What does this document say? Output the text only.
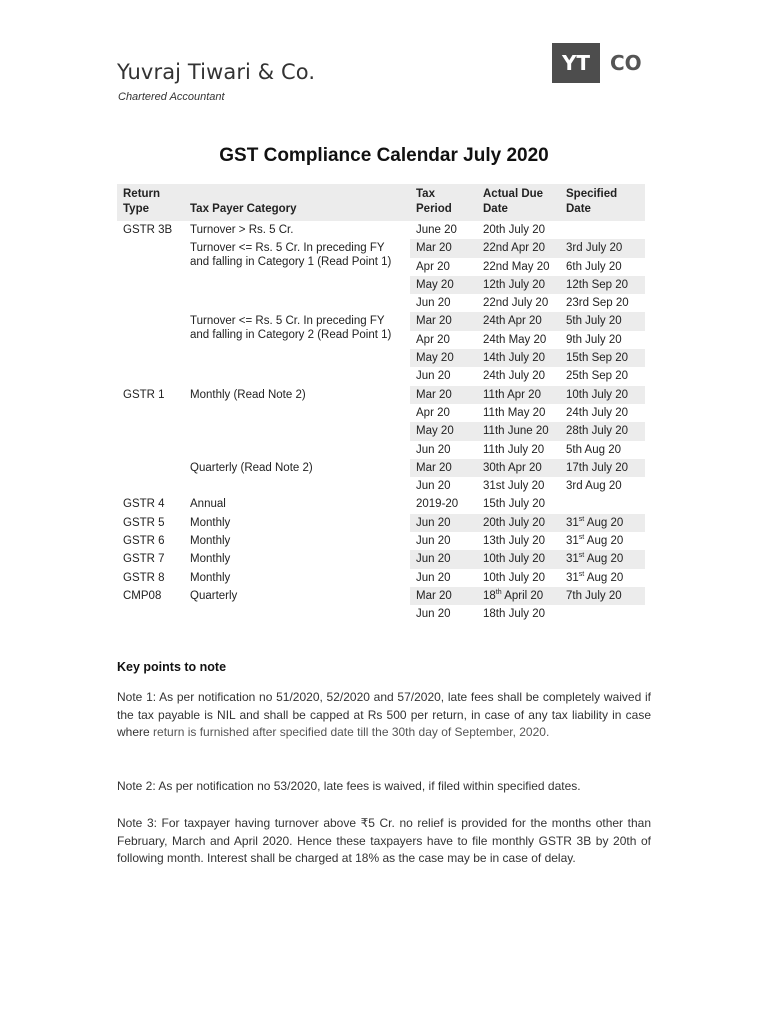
Yuvraj Tiwari & Co.
Chartered Accountant
YT CO
GST Compliance Calendar July 2020
Return Type	Tax Payer Category	Tax Period	Actual Due Date	Specified Date
GSTR 3B	Turnover > Rs. 5 Cr.	June 20	20th July 20	
	Turnover <= Rs. 5 Cr. In preceding FY and falling in Category 1 (Read Point 1)	Mar 20	22nd Apr 20	3rd July 20
		Apr 20	22nd May 20	6th July 20
		May 20	12th July 20	12th Sep 20
		Jun 20	22nd July 20	23rd Sep 20
	Turnover <= Rs. 5 Cr. In preceding FY and falling in Category 2 (Read Point 1)	Mar 20	24th Apr 20	5th July 20
		Apr 20	24th May 20	9th July 20
		May 20	14th July 20	15th Sep 20
		Jun 20	24th July 20	25th Sep 20
GSTR 1	Monthly (Read Note 2)	Mar 20	11th Apr 20	10th July 20
		Apr 20	11th May 20	24th July 20
		May 20	11th June 20	28th July 20
		Jun 20	11th July 20	5th Aug 20
	Quarterly (Read Note 2)	Mar 20	30th Apr 20	17th July 20
		Jun 20	31st July 20	3rd Aug 20
GSTR 4	Annual	2019-20	15th July 20	
GSTR 5	Monthly	Jun 20	20th July 20	31st Aug 20
GSTR 6	Monthly	Jun 20	13th July 20	31st Aug 20
GSTR 7	Monthly	Jun 20	10th July 20	31st Aug 20
GSTR 8	Monthly	Jun 20	10th July 20	31st Aug 20
CMP08	Quarterly	Mar 20	18th April 20	7th July 20
		Jun 20	18th July 20	
Key points to note
Note 1: As per notification no 51/2020, 52/2020 and 57/2020, late fees shall be completely waived if the tax payable is NIL and shall be capped at Rs 500 per return, in case of any tax liability in case where return is furnished after specified date till the 30th day of September, 2020.
Note 2: As per notification no 53/2020, late fees is waived, if filed within specified dates.
Note 3: For taxpayer having turnover above ₹5 Cr. no relief is provided for the months other than February, March and April 2020. Hence these taxpayers have to file monthly GSTR 3B by 20th of following month. Interest shall be charged at 18% as the case may be in case of delay.
